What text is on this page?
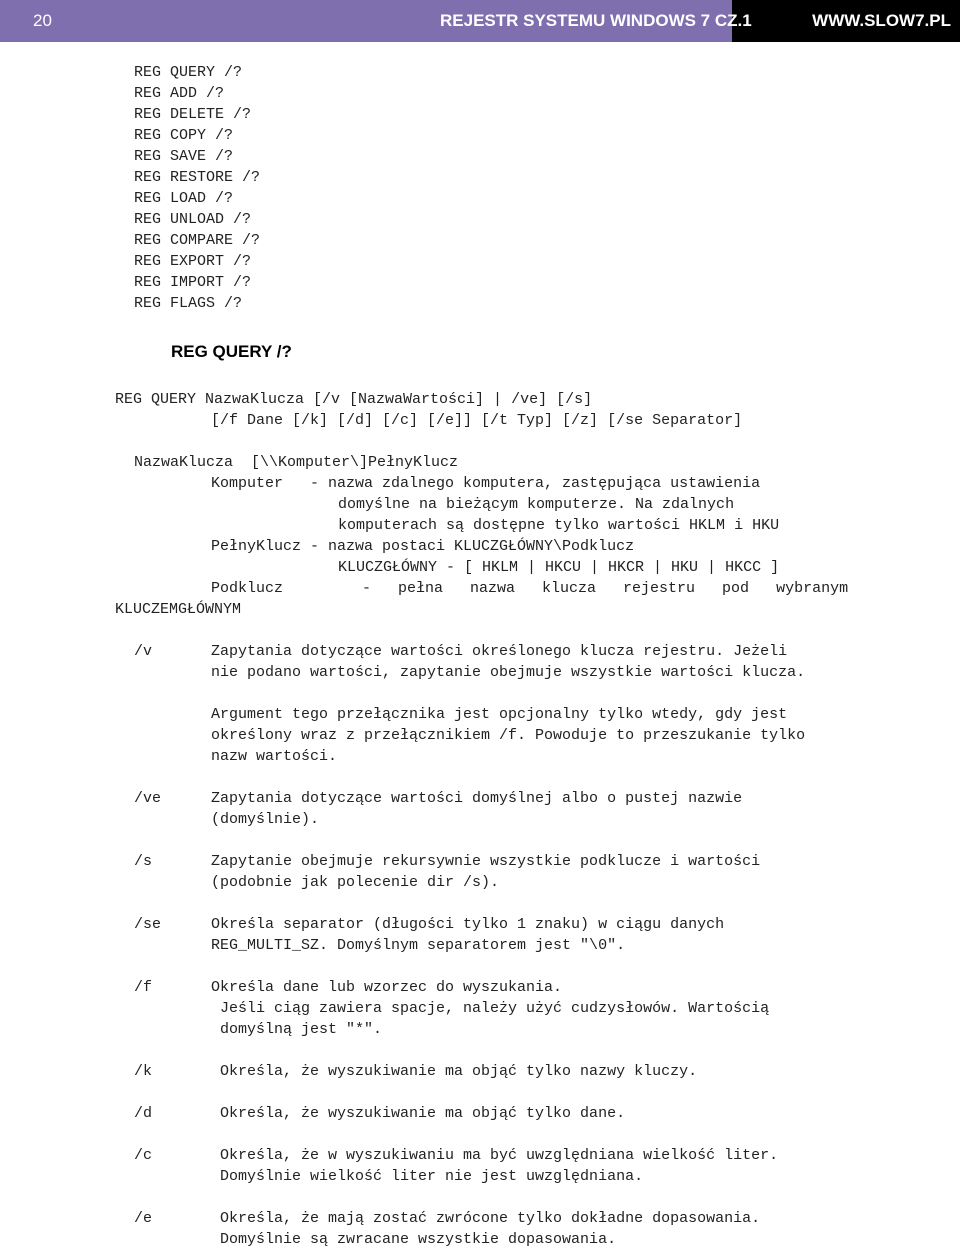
20	REJESTR SYSTEMU WINDOWS 7 CZ.1	WWW.SLOW7.PL
REG QUERY /?
REG ADD /?
REG DELETE /?
REG COPY /?
REG SAVE /?
REG RESTORE /?
REG LOAD /?
REG UNLOAD /?
REG COMPARE /?
REG EXPORT /?
REG IMPORT /?
REG FLAGS /?
REG QUERY /?
REG QUERY NazwaKlucza [/v [NazwaWartości] | /ve] [/s]
[/f Dane [/k] [/d] [/c] [/e]] [/t Typ] [/z] [/se Separator]
NazwaKlucza  [\\Komputer\]PełnyKlucz
Komputer   - nazwa zdalnego komputera, zastępująca ustawienia
domyślne na bieżącym komputerze. Na zdalnych
komputerach są dostępne tylko wartości HKLM i HKU
PełnyKlucz - nazwa postaci KLUCZGŁÓWNY\Podklucz
KLUCZGŁÓWNY - [ HKLM | HKCU | HKCR | HKU | HKCC ]
Podklucz	-   pełna   nazwa   klucza   rejestru   pod   wybranym
KLUCZEMGŁÓWNYM
/v	Zapytania dotyczące wartości określonego klucza rejestru. Jeżeli
nie podano wartości, zapytanie obejmuje wszystkie wartości klucza.
Argument tego przełącznika jest opcjonalny tylko wtedy, gdy jest
określony wraz z przełącznikiem /f. Powoduje to przeszukanie tylko
nazw wartości.
/ve	Zapytania dotyczące wartości domyślnej albo o pustej nazwie
(domyślnie).
/s	Zapytanie obejmuje rekursywnie wszystkie podklucze i wartości
(podobnie jak polecenie dir /s).
/se	Określa separator (długości tylko 1 znaku) w ciągu danych
REG_MULTI_SZ. Domyślnym separatorem jest "\0".
/f	Określa dane lub wzorzec do wyszukania.
Jeśli ciąg zawiera spacje, należy użyć cudzysłowów. Wartością
domyślną jest "*".
/k	Określa, że wyszukiwanie ma objąć tylko nazwy kluczy.
/d	Określa, że wyszukiwanie ma objąć tylko dane.
/c	Określa, że w wyszukiwaniu ma być uwzględniana wielkość liter.
Domyślnie wielkość liter nie jest uwzględniana.
/e	Określa, że mają zostać zwrócone tylko dokładne dopasowania.
Domyślnie są zwracane wszystkie dopasowania.
